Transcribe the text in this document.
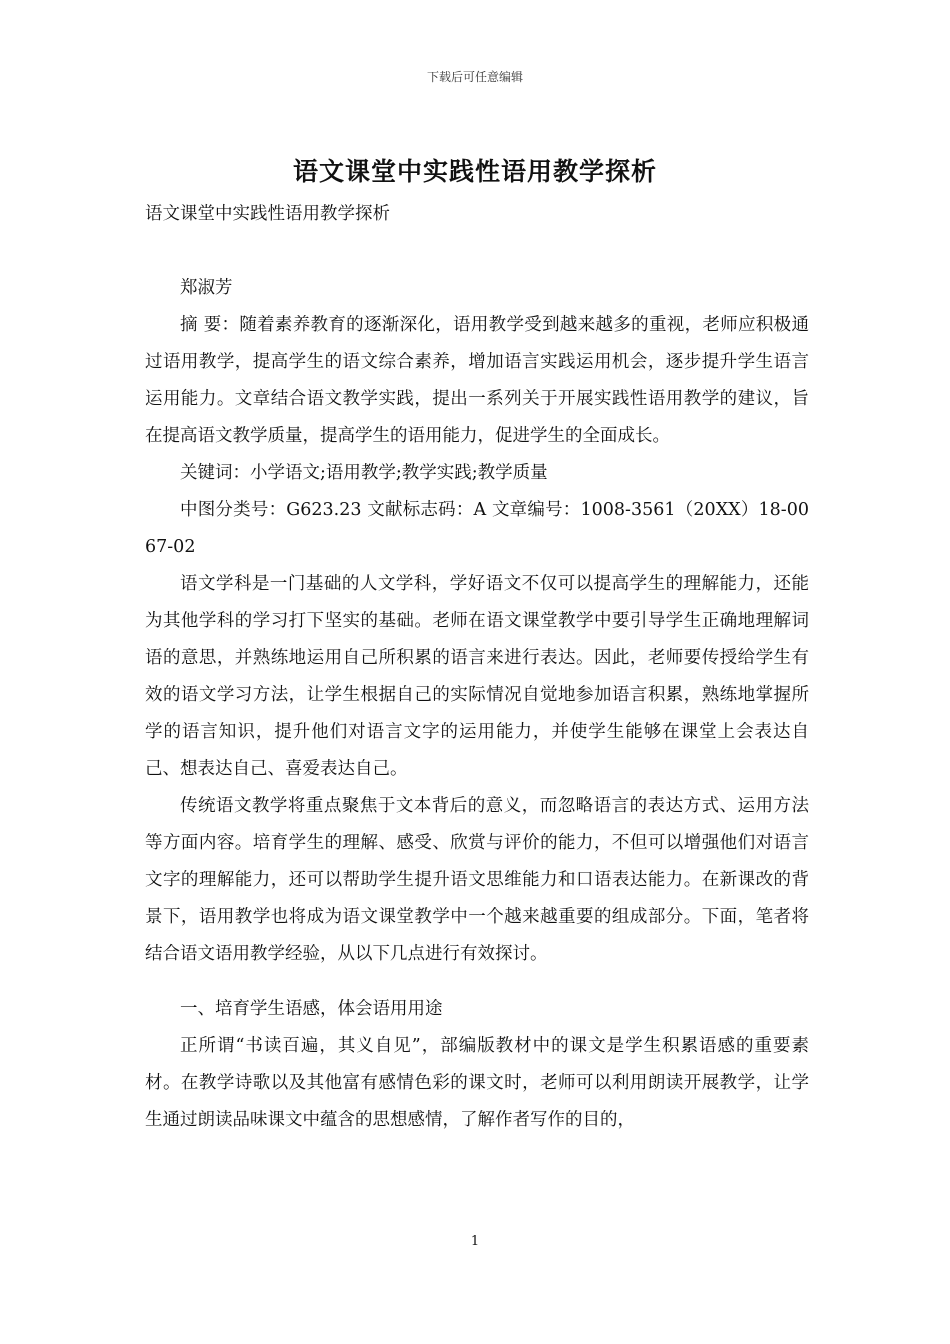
下载后可任意编辑
语文课堂中实践性语用教学探析
语文课堂中实践性语用教学探析

郑淑芳

摘 要：随着素养教育的逐渐深化，语用教学受到越来越多的重视，老师应积极通过语用教学，提高学生的语文综合素养，增加语言实践运用机会，逐步提升学生语言运用能力。文章结合语文教学实践，提出一系列关于开展实践性语用教学的建议，旨在提高语文教学质量，提高学生的语用能力，促进学生的全面成长。

关键词：小学语文;语用教学;教学实践;教学质量

中图分类号：G623.23 文献标志码：A 文章编号：1008-3561（20XX）18-0067-02

语文学科是一门基础的人文学科，学好语文不仅可以提高学生的理解能力，还能为其他学科的学习打下坚实的基础。老师在语文课堂教学中要引导学生正确地理解词语的意思，并熟练地运用自己所积累的语言来进行表达。因此，老师要传授给学生有效的语文学习方法，让学生根据自己的实际情况自觉地参加语言积累，熟练地掌握所学的语言知识，提升他们对语言文字的运用能力，并使学生能够在课堂上会表达自己、想表达自己、喜爱表达自己。

传统语文教学将重点聚焦于文本背后的意义，而忽略语言的表达方式、运用方法等方面内容。培育学生的理解、感受、欣赏与评价的能力，不但可以增强他们对语言文字的理解能力，还可以帮助学生提升语文思维能力和口语表达能力。在新课改的背景下，语用教学也将成为语文课堂教学中一个越来越重要的组成部分。下面，笔者将结合语文语用教学经验，从以下几点进行有效探讨。

一、培育学生语感，体会语用用途

正所谓“书读百遍，其义自见”，部编版教材中的课文是学生积累语感的重要素材。在教学诗歌以及其他富有感情色彩的课文时，老师可以利用朗读开展教学，让学生通过朗读品味课文中蕴含的思想感情，了解作者写作的目的，

1
